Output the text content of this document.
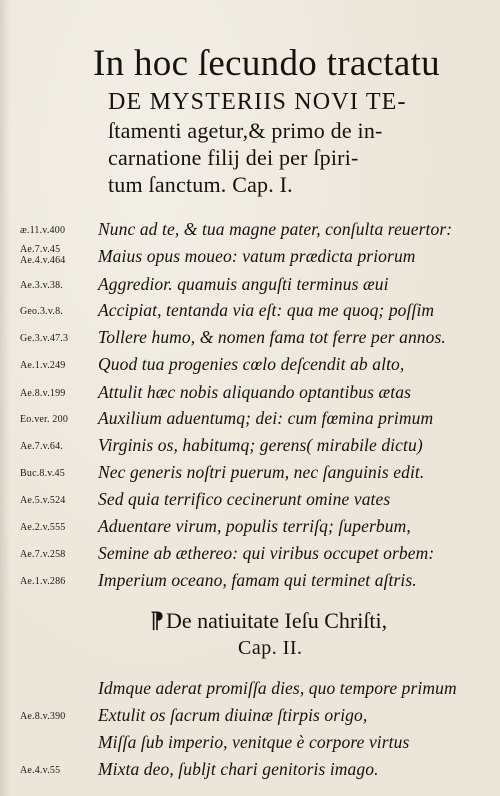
In hoc ſecundo tractatu
DE MYSTERIIS NOVI TE-
ſtamenti agetur,& primo de in-
carnatione filij dei per ſpiri-
tum ſanctum. Cap. I.
æ.11.v.400 Nunc ad te, & tua magne pater, conſulta reuertor:
Ae.7.v.45 Ae.4.v.464	Maius opus moueo: vatum prædicta priorum
Ae.3.v.38. Aggredior. quamuis anguſti terminus æui
Geo.3.v.8. Accipiat, tentanda via eſt: qua me quoq; poſſim
Ge.3.v.47.3 Tollere humo, & nomen fama tot ferre per annos.
Ae.1.v.249 Quod tua progenies cœlo deſcendit ab alto,
Ae.8.v.199 Attulit hæc nobis aliquando optantibus ætas
Eo.ver. 200 Auxilium aduentumq; dei: cum fœmina primum
Ae.7.v.64. Virginis os, habitumq; gerens( mirabile dictu)
Buc.8.v.45 Nec generis noſtri puerum, nec ſanguinis edit.
Ae.5.v.524 Sed quia terrifico cecinerunt omine vates
Ae.2.v.555 Aduentare virum, populis terriſq; ſuperbum,
Ae.7.v.258 Semine ab æthereo: qui viribus occupet orbem:
Ae.1.v.286 Imperium oceano, famam qui terminet aſtris.
⁋De natiuitate Ieſu Chriſti,
Cap. II.
Idmque aderat promiſſa dies, quo tempore primum
Ae.8.v.390 Extulit os ſacrum diuinæ ſtirpis origo,
Miſſa ſub imperio, venitque è corpore virtus
Ae.4.v.55 Mixta deo, ſubljt chari genitoris imago.
